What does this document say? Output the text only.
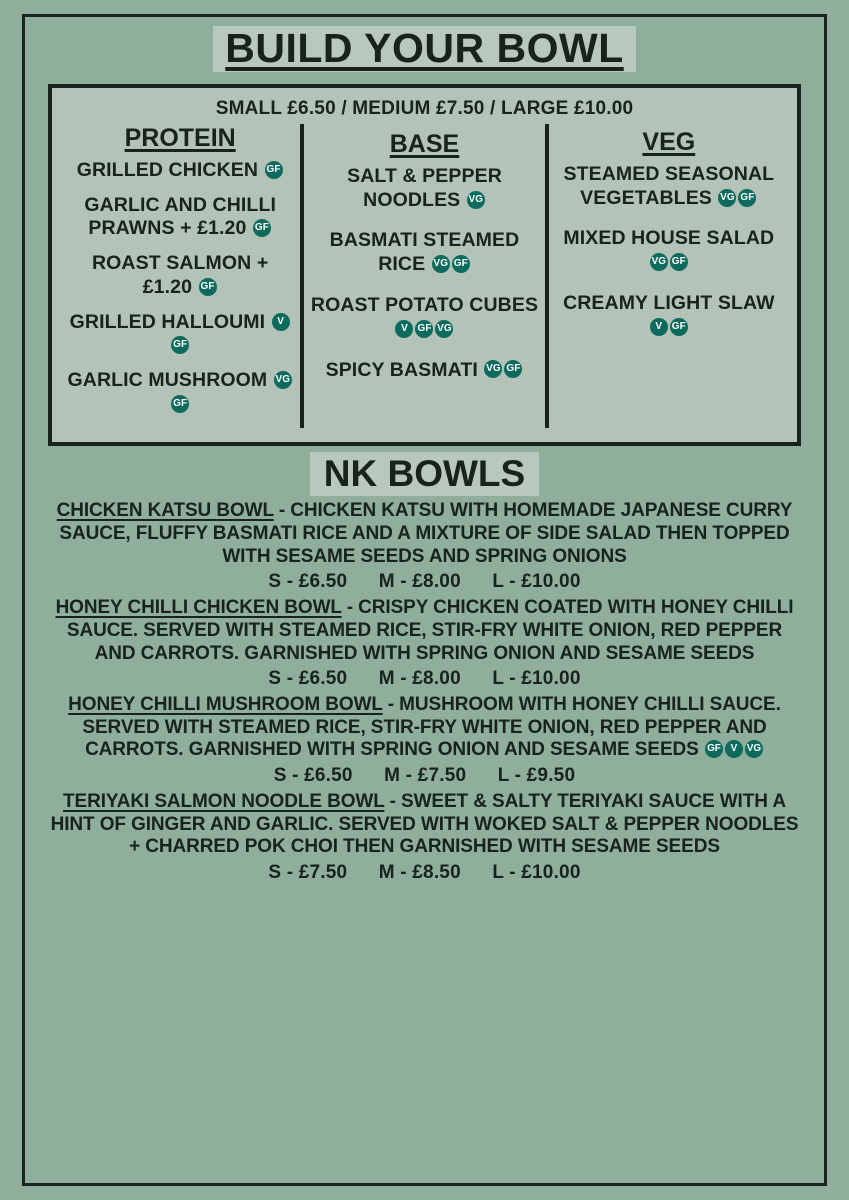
BUILD YOUR BOWL
SMALL £6.50 / MEDIUM £7.50 / LARGE £10.00
PROTEIN
GRILLED CHICKEN GF
GARLIC AND CHILLI PRAWNS + £1.20 GF
ROAST SALMON + £1.20 GF
GRILLED HALLOUMI VGF
GARLIC MUSHROOM VGGF
BASE
SALT & PEPPER NOODLES VG
BASMATI STEAMED RICE VG GF
ROAST POTATO CUBES V GF VG
SPICY BASMATI VG GF
VEG
STEAMED SEASONAL VEGETABLES VG GF
MIXED HOUSE SALAD VG GF
CREAMY LIGHT SLAW V GF
NK BOWLS
CHICKEN KATSU BOWL - CHICKEN KATSU WITH HOMEMADE JAPANESE CURRY SAUCE, FLUFFY BASMATI RICE AND A MIXTURE OF SIDE SALAD THEN TOPPED WITH SESAME SEEDS AND SPRING ONIONS
S - £6.50 M - £8.00 L - £10.00
HONEY CHILLI CHICKEN BOWL - CRISPY CHICKEN COATED WITH HONEY CHILLI SAUCE. SERVED WITH STEAMED RICE, STIR-FRY WHITE ONION, RED PEPPER AND CARROTS. GARNISHED WITH SPRING ONION AND SESAME SEEDS
S - £6.50 M - £8.00 L - £10.00
HONEY CHILLI MUSHROOM BOWL - MUSHROOM WITH HONEY CHILLI SAUCE. SERVED WITH STEAMED RICE, STIR-FRY WHITE ONION, RED PEPPER AND CARROTS. GARNISHED WITH SPRING ONION AND SESAME SEEDS GF V VG
S - £6.50 M - £7.50 L - £9.50
TERIYAKI SALMON NOODLE BOWL - SWEET & SALTY TERIYAKI SAUCE WITH A HINT OF GINGER AND GARLIC. SERVED WITH WOKED SALT & PEPPER NOODLES + CHARRED POK CHOI THEN GARNISHED WITH SESAME SEEDS
S - £7.50 M - £8.50 L - £10.00
